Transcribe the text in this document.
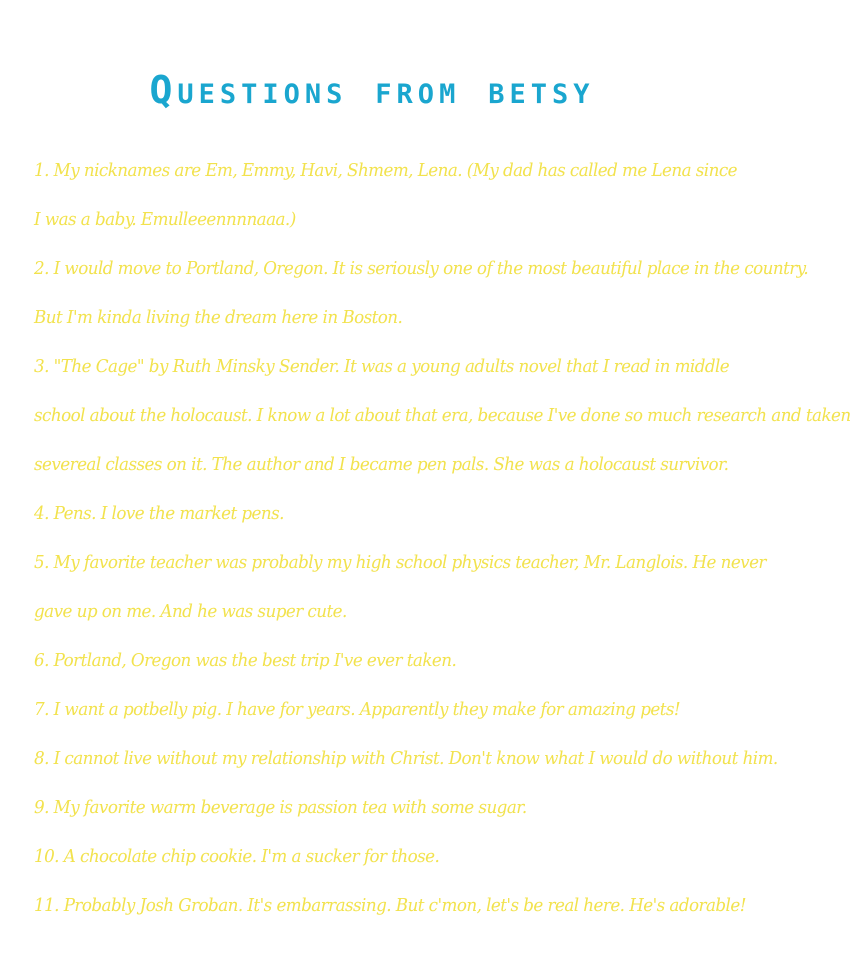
Questions from betsy
1. My nicknames are Em, Emmy, Havi, Shmem, Lena. (My dad has called me Lena since
I was a baby. Emulleeennnnaaa.)
2. I would move to Portland, Oregon. It is seriously one of the most beautiful place in the country.
But I'm kinda living the dream here in Boston.
3. "The Cage" by Ruth Minsky Sender. It was a young adults novel that I read in middle
school about the holocaust. I know a lot about that era, because I've done so much research and taken
severeal classes on it. The author and I became pen pals. She was a holocaust survivor.
4. Pens. I love the market pens.
5. My favorite teacher was probably my high school physics teacher, Mr. Langlois. He never
gave up on me. And he was super cute.
6. Portland, Oregon was the best trip I've ever taken.
7. I want a potbelly pig. I have for years. Apparently they make for amazing pets!
8. I cannot live without my relationship with Christ. Don't know what I would do without him.
9. My favorite warm beverage is passion tea with some sugar.
10. A chocolate chip cookie. I'm a sucker for those.
11. Probably Josh Groban. It's embarrassing. But c'mon, let's be real here. He's adorable!
